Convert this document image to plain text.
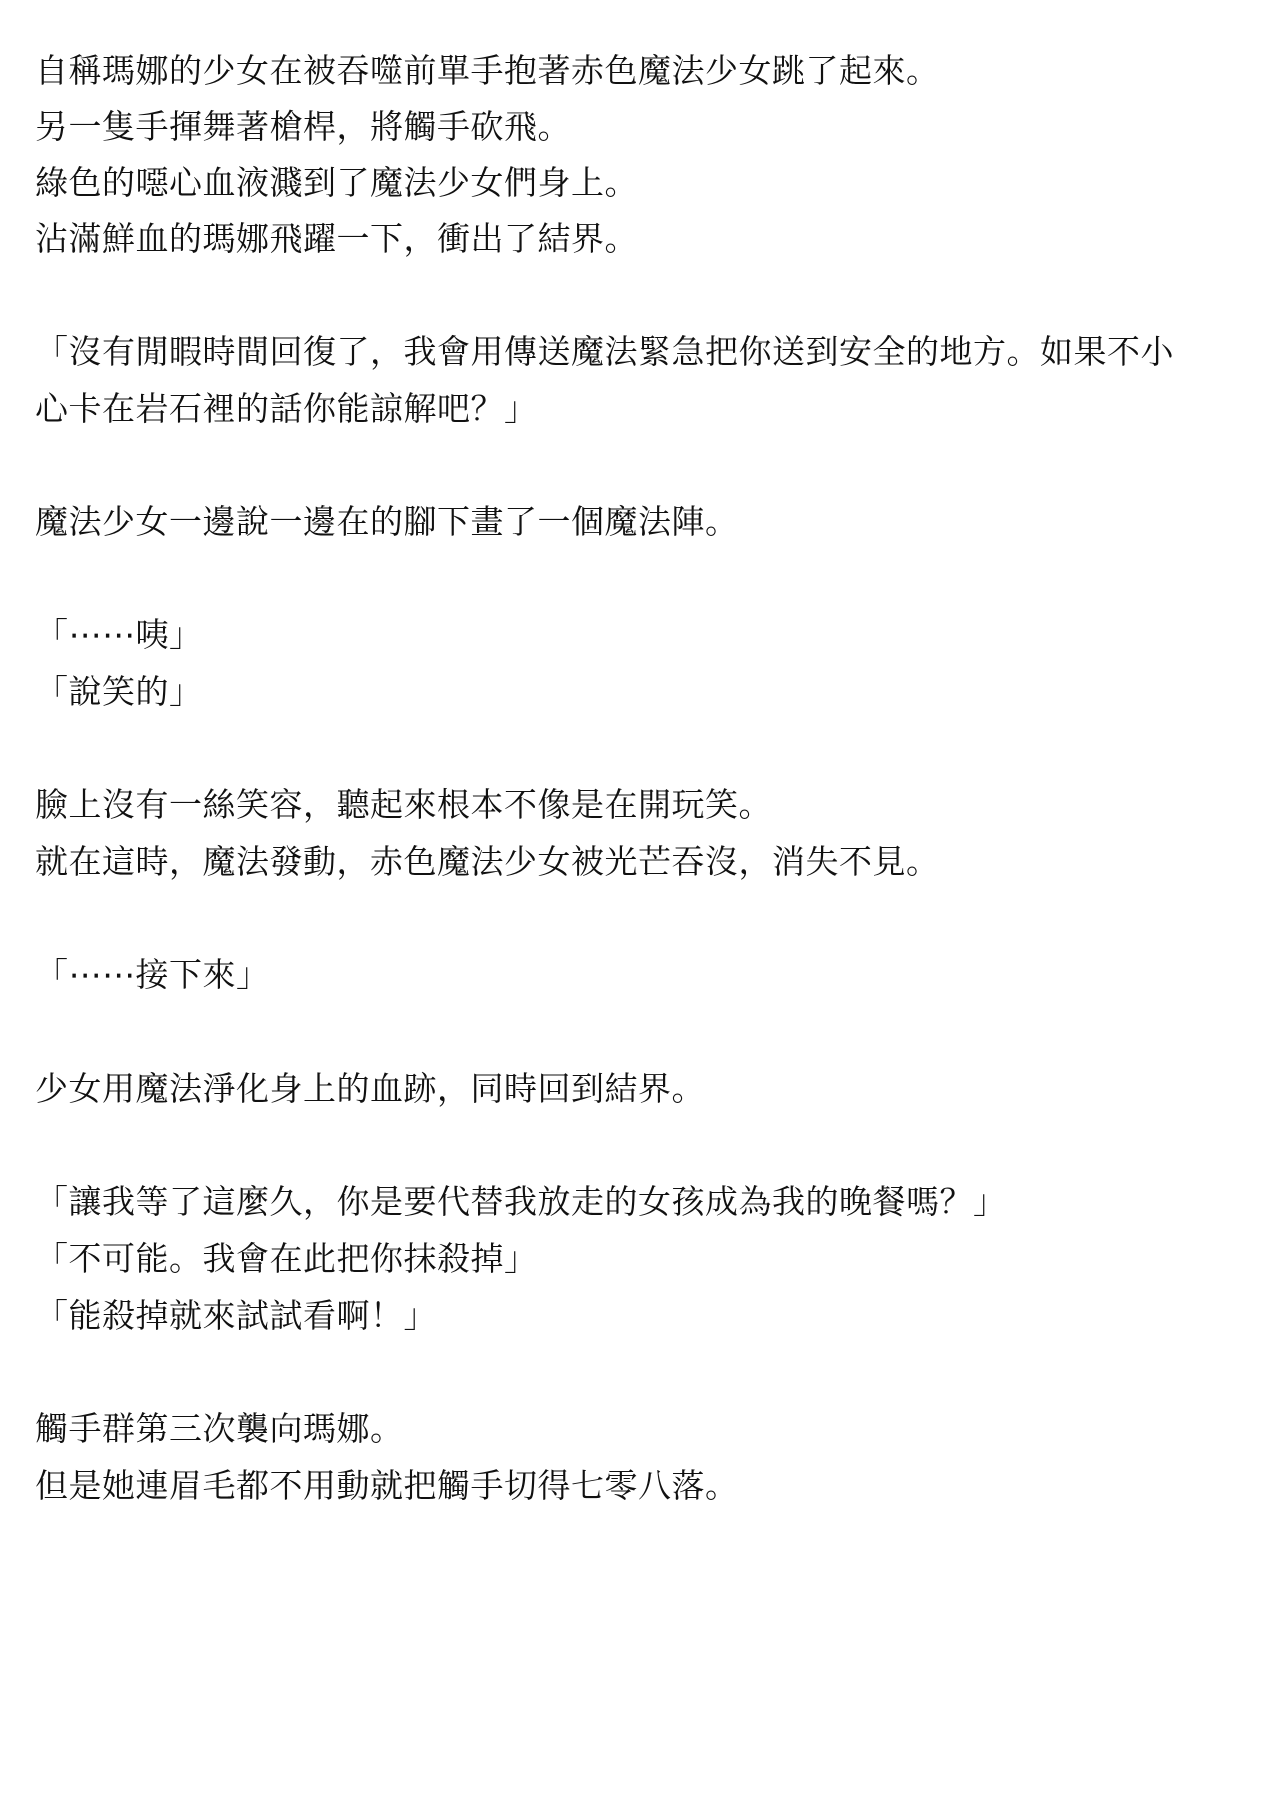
自稱瑪娜的少女在被吞噬前單手抱著赤色魔法少女跳了起來。
另一隻手揮舞著槍桿，將觸手砍飛。
綠色的噁心血液濺到了魔法少女們身上。
沾滿鮮血的瑪娜飛躍一下，衝出了結界。
「沒有閒暇時間回復了，我會用傳送魔法緊急把你送到安全的地方。如果不小
心卡在岩石裡的話你能諒解吧？」
魔法少女一邊說一邊在的腳下畫了一個魔法陣。
「⋯⋯咦」
「說笑的」
臉上沒有一絲笑容，聽起來根本不像是在開玩笑。
就在這時，魔法發動，赤色魔法少女被光芒吞沒，消失不見。
「⋯⋯接下來」
少女用魔法淨化身上的血跡，同時回到結界。
「讓我等了這麼久，你是要代替我放走的女孩成為我的晚餐嗎？」
「不可能。我會在此把你抹殺掉」
「能殺掉就來試試看啊！」
觸手群第三次襲向瑪娜。
但是她連眉毛都不用動就把觸手切得七零八落。
